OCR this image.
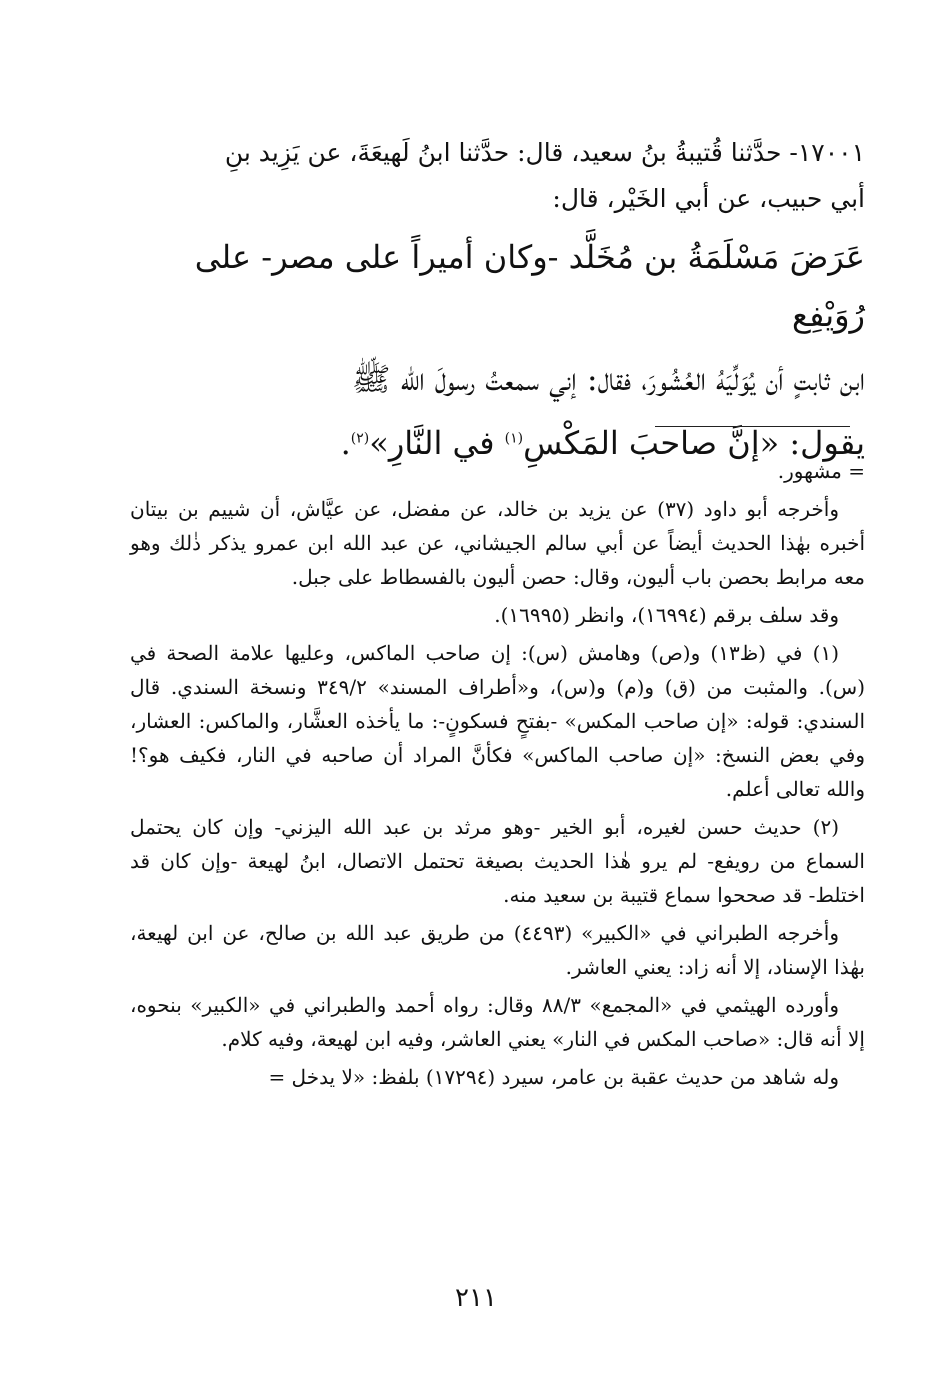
١٧٠٠١- حدَّثنا قُتيبةُ بنُ سعيد، قال: حدَّثنا ابنُ لَهيعَةَ، عن يَزِيد بنِ

أبي حبيب، عن أبي الخَيْر، قال:

عَرَضَ مَسْلَمَةُ بن مُخَلَّد -وكان أميراً على مصر- على رُوَيْفِع

ابن ثابتٍ أن يُوَلِّيَهُ العُشُورَ، فقال: إني سمعتُ رسولَ الله ﷺ

يقول: «إنَّ صاحبَ المَكْسِ$^{(١)}$ في النَّارِ»$^{(٢)}$.

= مشهور.

وأخرجه أبو داود (٣٧) عن يزيد بن خالد، عن مفضل، عن عيَّاش، أن شييم بن بيتان أخبره بهٰذا الحديث أيضاً عن أبي سالم الجيشاني، عن عبد الله ابن عمرو يذكر ذٰلك وهو معه مرابط بحصن باب أليون، وقال: حصن أليون بالفسطاط على جبل.

وقد سلف برقم (١٦٩٩٤)، وانظر (١٦٩٩٥).

(١) في (ظ١٣) و(ص) وهامش (س): إن صاحب الماكس، وعليها علامة الصحة في (س). والمثبت من (ق) و(م) و(س)، و«أطراف المسند» ٣٤٩/٢ ونسخة السندي. قال السندي: قوله: «إن صاحب المكس» -بفتحٍ فسكونٍ-: ما يأخذه العشَّار، والماكس: العشار، وفي بعض النسخ: «إن صاحب الماكس» فكأنَّ المراد أن صاحبه في النار، فكيف هو؟! والله تعالى أعلم.

(٢) حديث حسن لغيره، أبو الخير -وهو مرثد بن عبد الله اليزني- وإن كان يحتمل السماع من رويفع- لم يرو هٰذا الحديث بصيغة تحتمل الاتصال، ابنُ لهيعة -وإن كان قد اختلط- قد صححوا سماع قتيبة بن سعيد منه.

وأخرجه الطبراني في «الكبير» (٤٤٩٣) من طريق عبد الله بن صالح، عن ابن لهيعة، بهٰذا الإسناد، إلا أنه زاد: يعني العاشر.

وأورده الهيثمي في «المجمع» ٨٨/٣ وقال: رواه أحمد والطبراني في «الكبير» بنحوه، إلا أنه قال: «صاحب المكس في النار» يعني العاشر، وفيه ابن لهيعة، وفيه كلام.

وله شاهد من حديث عقبة بن عامر، سيرد (١٧٢٩٤) بلفظ: «لا يدخل =

٢١١
